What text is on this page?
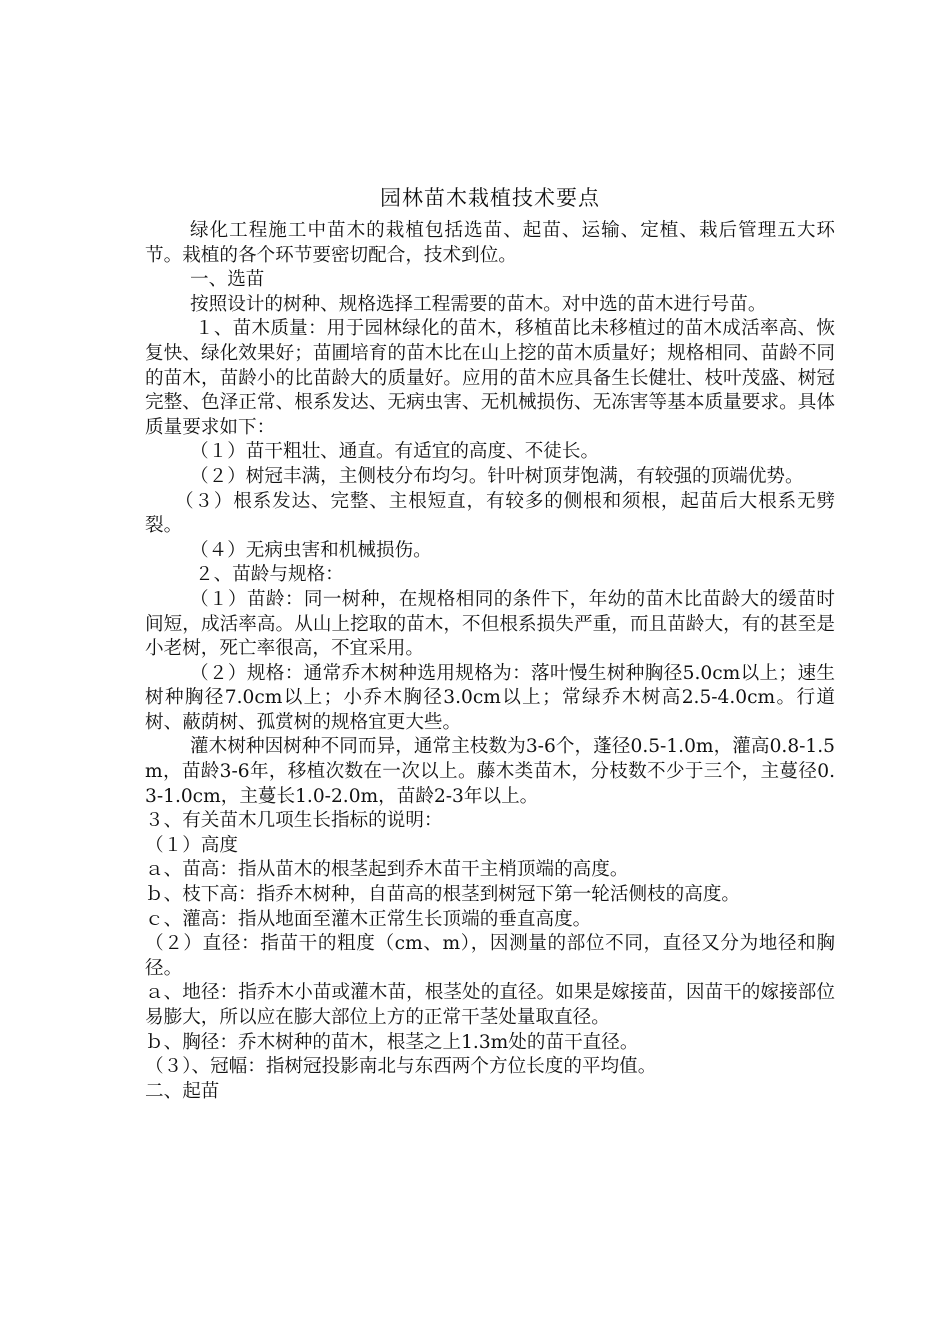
园林苗木栽植技术要点

绿化工程施工中苗木的栽植包括选苗、起苗、运输、定植、栽后管理五大环节。栽植的各个环节要密切配合，技术到位。

一、选苗

按照设计的树种、规格选择工程需要的苗木。对中选的苗木进行号苗。

１、苗木质量：用于园林绿化的苗木，移植苗比未移植过的苗木成活率高、恢复快、绿化效果好；苗圃培育的苗木比在山上挖的苗木质量好；规格相同、苗龄不同的苗木，苗龄小的比苗龄大的质量好。应用的苗木应具备生长健壮、枝叶茂盛、树冠完整、色泽正常、根系发达、无病虫害、无机械损伤、无冻害等基本质量要求。具体质量要求如下：

（１）苗干粗壮、通直。有适宜的高度、不徒长。

（２）树冠丰满，主侧枝分布均匀。针叶树顶芽饱满，有较强的顶端优势。

（３）根系发达、完整、主根短直，有较多的侧根和须根，起苗后大根系无劈裂。

（４）无病虫害和机械损伤。

２、苗龄与规格：

（１）苗龄：同一树种，在规格相同的条件下，年幼的苗木比苗龄大的缓苗时间短，成活率高。从山上挖取的苗木，不但根系损失严重，而且苗龄大，有的甚至是小老树，死亡率很高，不宜采用。

（２）规格：通常乔木树种选用规格为：落叶慢生树种胸径5.0cm以上；速生树种胸径7.0cm以上；小乔木胸径3.0cm以上；常绿乔木树高2.5-4.0cm。行道树、蔽荫树、孤赏树的规格宜更大些。

灌木树种因树种不同而异，通常主枝数为3-6个，蓬径0.5-1.0m，灌高0.8-1.5m，苗龄3-6年，移植次数在一次以上。藤木类苗木，分枝数不少于三个，主蔓径0.3-1.0cm，主蔓长1.0-2.0m，苗龄2-3年以上。

３、有关苗木几项生长指标的说明：

（１）高度

ａ、苗高：指从苗木的根茎起到乔木苗干主梢顶端的高度。

ｂ、枝下高：指乔木树种，自苗高的根茎到树冠下第一轮活侧枝的高度。

ｃ、灌高：指从地面至灌木正常生长顶端的垂直高度。

（２）直径：指苗干的粗度（cm、m），因测量的部位不同，直径又分为地径和胸径。

ａ、地径：指乔木小苗或灌木苗，根茎处的直径。如果是嫁接苗，因苗干的嫁接部位易膨大，所以应在膨大部位上方的正常干茎处量取直径。

ｂ、胸径：乔木树种的苗木，根茎之上1.3m处的苗干直径。

（３）、冠幅：指树冠投影南北与东西两个方位长度的平均值。

二、起苗
